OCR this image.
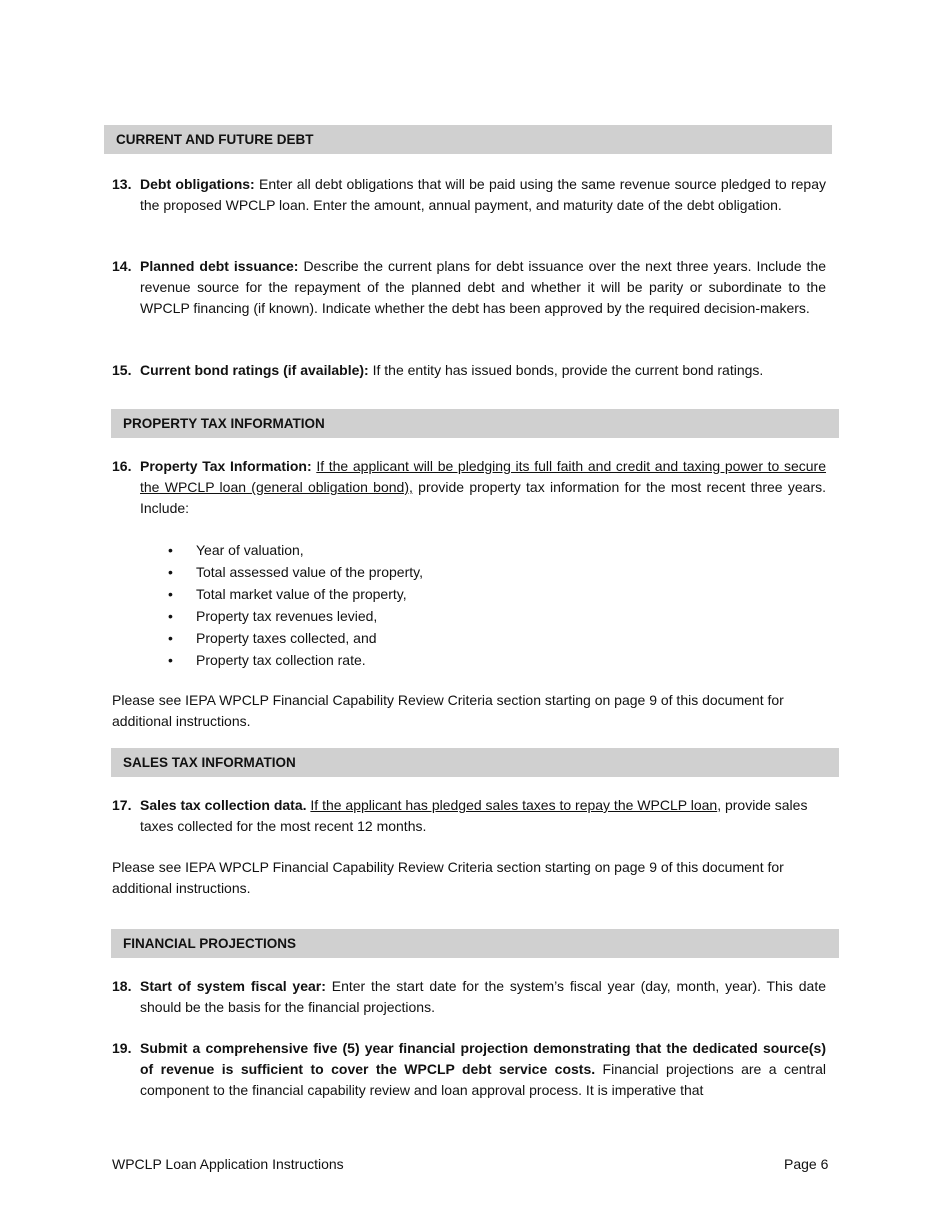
CURRENT AND FUTURE DEBT
13. Debt obligations: Enter all debt obligations that will be paid using the same revenue source pledged to repay the proposed WPCLP loan. Enter the amount, annual payment, and maturity date of the debt obligation.
14. Planned debt issuance: Describe the current plans for debt issuance over the next three years. Include the revenue source for the repayment of the planned debt and whether it will be parity or subordinate to the WPCLP financing (if known). Indicate whether the debt has been approved by the required decision-makers.
15. Current bond ratings (if available): If the entity has issued bonds, provide the current bond ratings.
PROPERTY TAX INFORMATION
16. Property Tax Information: If the applicant will be pledging its full faith and credit and taxing power to secure the WPCLP loan (general obligation bond), provide property tax information for the most recent three years. Include:
• Year of valuation,
• Total assessed value of the property,
• Total market value of the property,
• Property tax revenues levied,
• Property taxes collected, and
• Property tax collection rate.
Please see IEPA WPCLP Financial Capability Review Criteria section starting on page 9 of this document for additional instructions.
SALES TAX INFORMATION
17. Sales tax collection data. If the applicant has pledged sales taxes to repay the WPCLP loan, provide sales taxes collected for the most recent 12 months.
Please see IEPA WPCLP Financial Capability Review Criteria section starting on page 9 of this document for additional instructions.
FINANCIAL PROJECTIONS
18. Start of system fiscal year: Enter the start date for the system’s fiscal year (day, month, year). This date should be the basis for the financial projections.
19. Submit a comprehensive five (5) year financial projection demonstrating that the dedicated source(s) of revenue is sufficient to cover the WPCLP debt service costs. Financial projections are a central component to the financial capability review and loan approval process. It is imperative that
WPCLP Loan Application Instructions	Page 6
